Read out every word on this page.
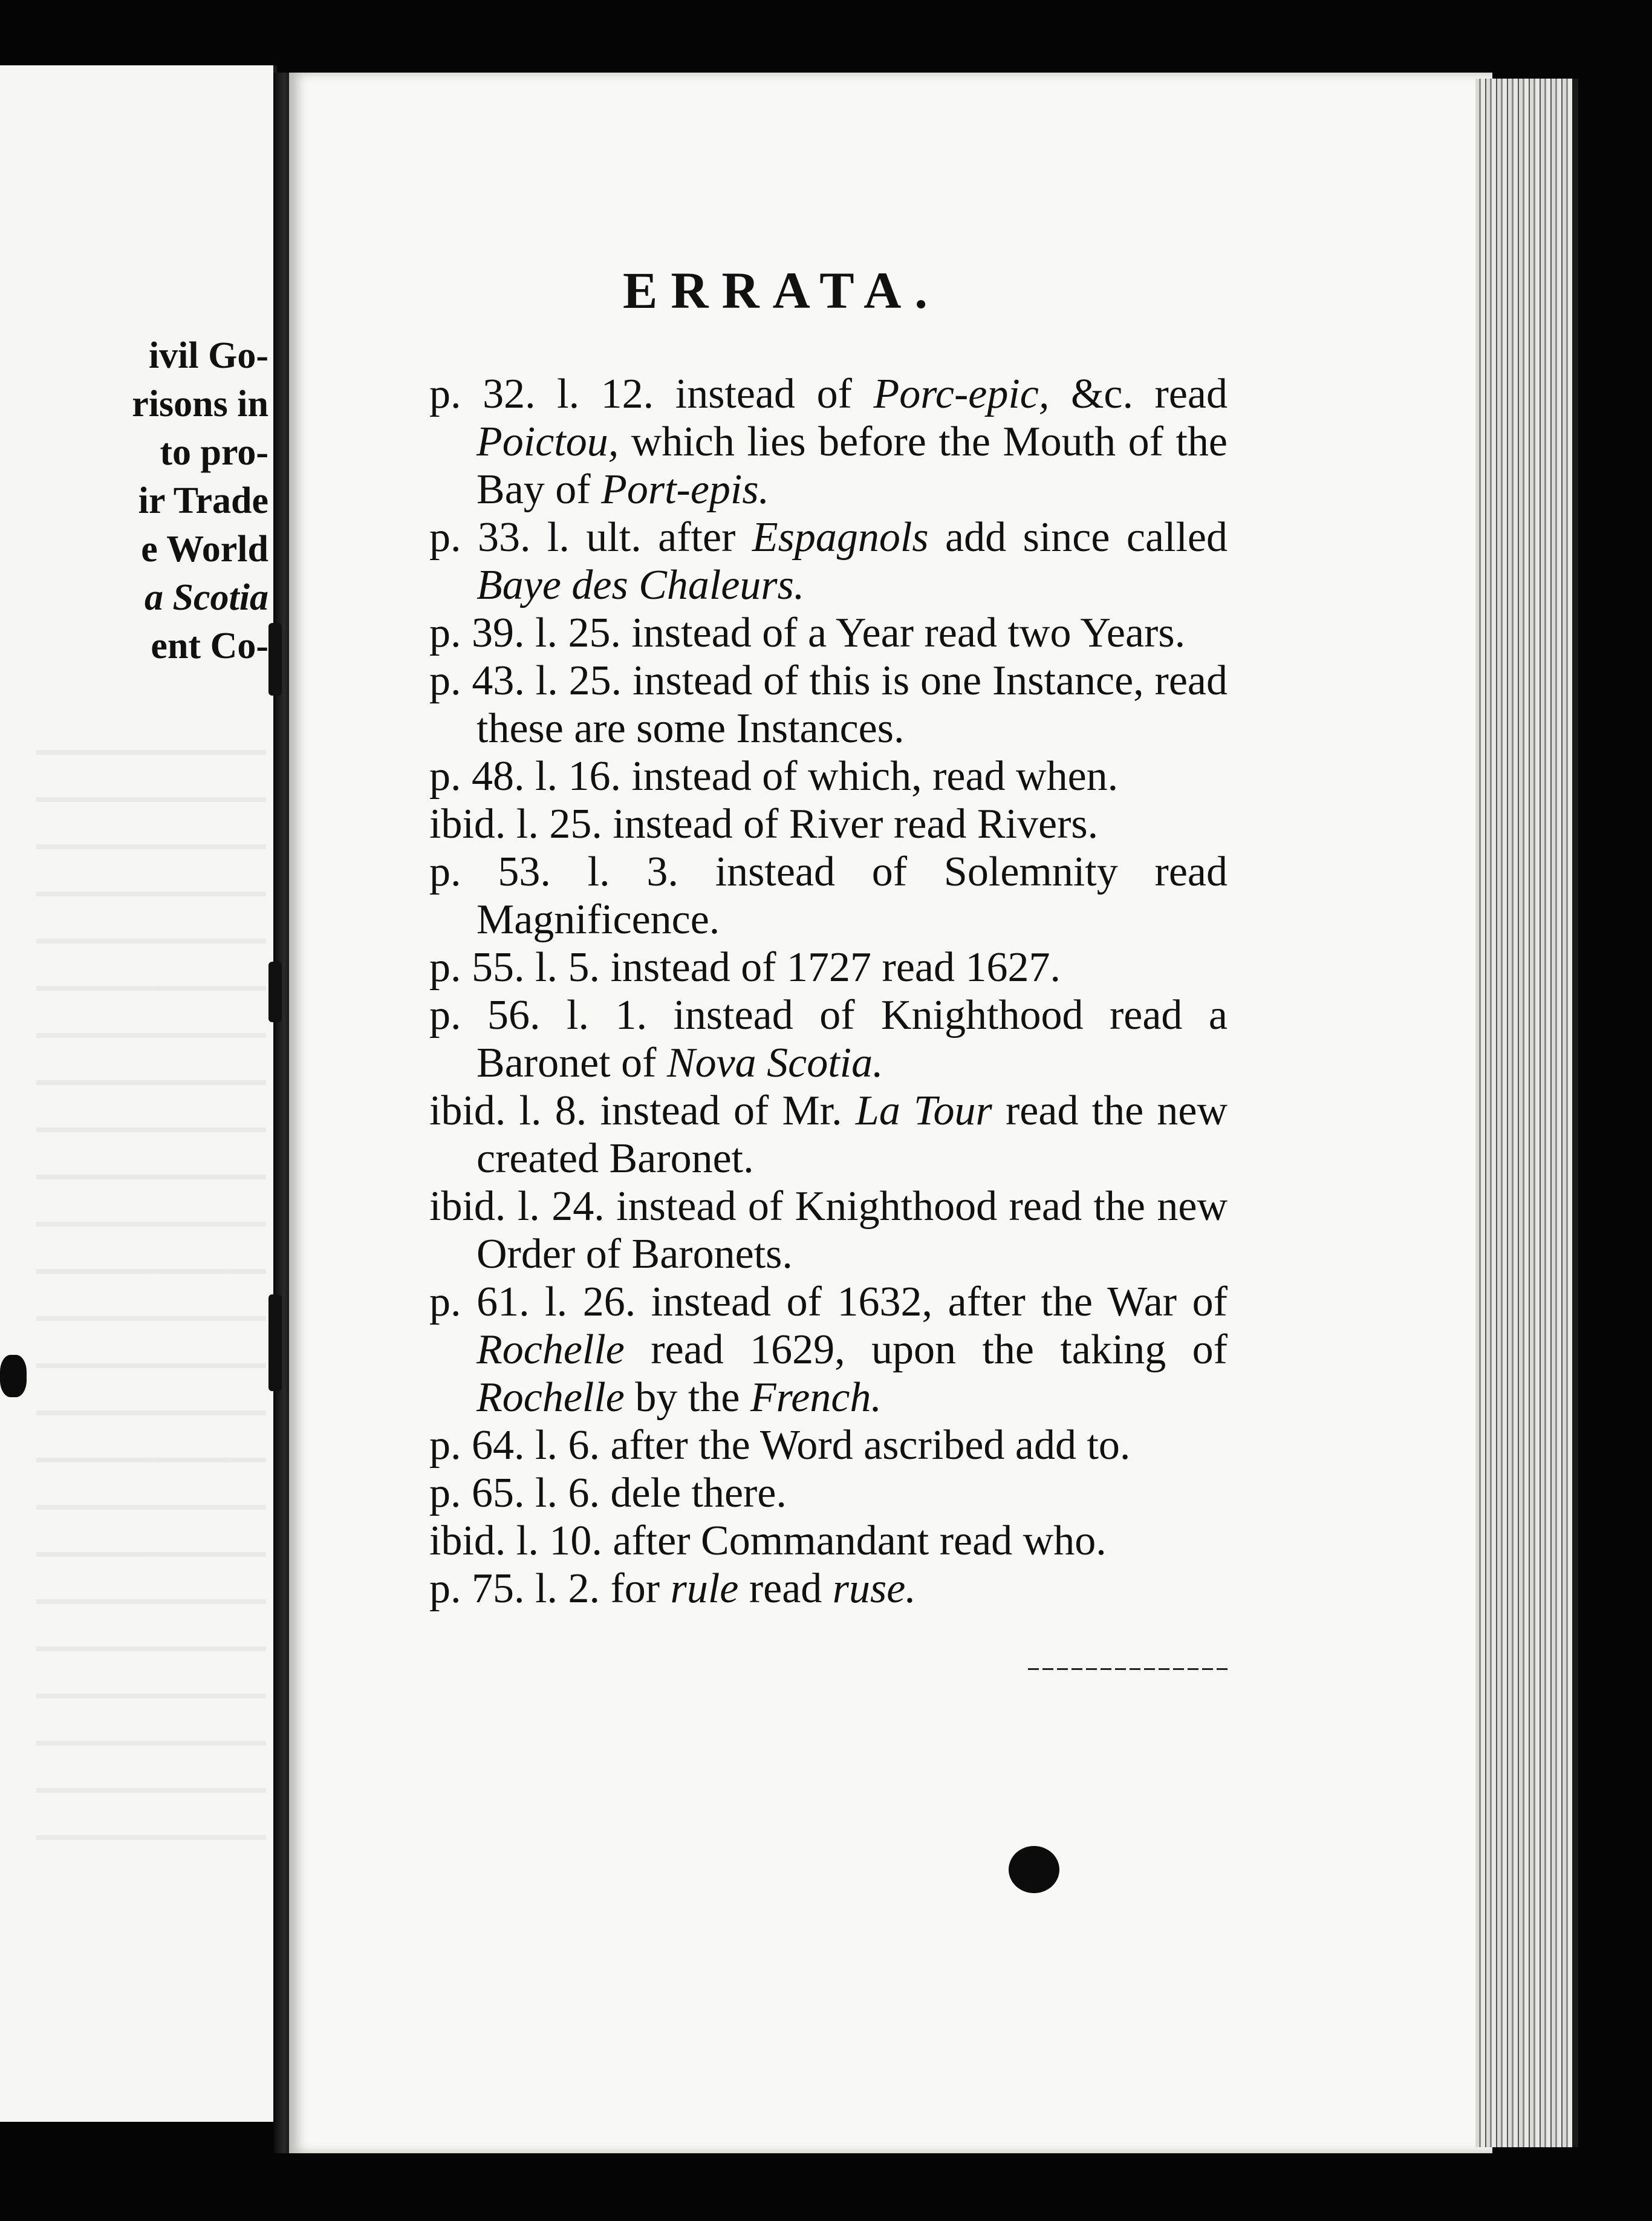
ivil Go-
risons in
to pro-
ir Trade
e World
a Scotia
ent Co-
ERRATA.

p. 32. l. 12. instead of Porc-epic, &c. read Poictou, which lies before the Mouth of the Bay of Port-epis.

p. 33. l. ult. after Espagnols add since called Baye des Chaleurs.

p. 39. l. 25. instead of a Year read two Years.

p. 43. l. 25. instead of this is one Instance, read these are some Instances.

p. 48. l. 16. instead of which, read when.

ibid. l. 25. instead of River read Rivers.

p. 53. l. 3. instead of Solemnity read Magnificence.

p. 55. l. 5. instead of 1727 read 1627.

p. 56. l. 1. instead of Knighthood read a Baronet of Nova Scotia.

ibid. l. 8. instead of Mr. La Tour read the new created Baronet.

ibid. l. 24. instead of Knighthood read the new Order of Baronets.

p. 61. l. 26. instead of 1632, after the War of Rochelle read 1629, upon the taking of Rochelle by the French.

p. 64. l. 6. after the Word ascribed add to.

p. 65. l. 6. dele there.

ibid. l. 10. after Commandant read who.

p. 75. l. 2. for rule read ruse.
